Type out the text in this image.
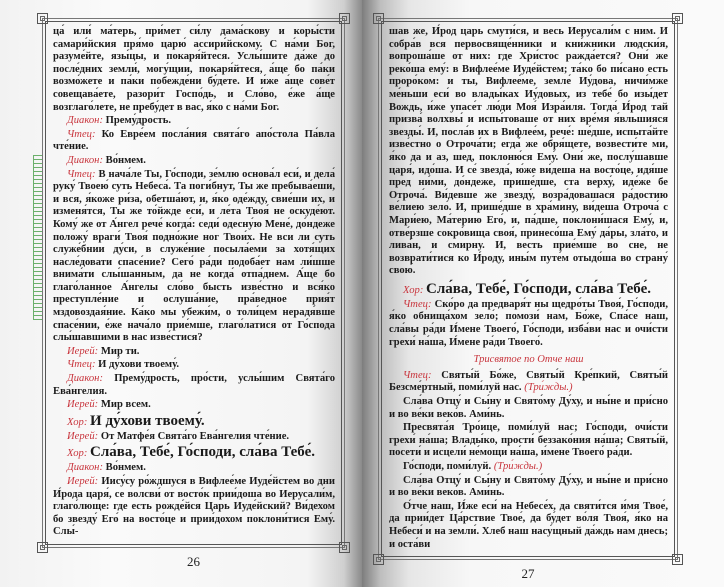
ца́ или́ ма́терь, при́мет си́лу дама́скову и коры́сти самари́йския пря́мо царю́ ассири́йскому. С на́ми Бог, разуме́йте, язы́цы, и покаря́йтеся. Услы́шите да́же до после́дних земли́, могу́щии, покаря́йтеся, а́ще бо па́ки возмо́жете и па́ки побежде́ни бу́дете. И и́же а́ще сове́т совещава́ете, разори́т Госпо́дь, и Сло́во, е́же а́ще возглаго́лете, не пребу́дет в вас, я́ко с на́ми Бог.

Диакон: Прему́дрость.

Чтец: Ко Евре́ем посла́ния свята́го апо́стола Па́вла чте́ние.

Диакон: Во́нмем.

Чтец: В нача́ле Ты, Го́споди, зе́млю основа́л еси́, и дела́ руку́ Твоею́ суть Небеса́. Та поги́бнут, Ты же пребыва́еши, и вся, я́коже ри́за, обетша́ют, и, я́ко оде́жду, свие́ши их, и изменя́тся, Ты же то́йжде еси́, и ле́та Твоя́ не оскуде́ют. Кому́ же от А́нгел рече́ когда́: седи́ одесну́ю Мене́, до́ндеже положу́ враги́ Твоя́ подно́жие ног Твои́х. Не вси ли суть служе́бнии ду́си, в служе́ние посыла́еми за хотя́щих насле́довати спасе́ние? Сего́ ра́ди подоба́ет нам ли́шше внима́ти слы́шанным, да не когда́ отпа́днем. А́ще бо глаго́ланное А́нгелы сло́во бысть изве́стно и вся́ко преступле́ние и ослуша́ние, пра́ведное прия́т мздовоздая́ние. Ка́ко мы убежи́м, о толи́цем нерадя́вше спасе́нии, е́же нача́ло прие́мше, глаго́латися от Го́спода слы́шавшими в нас изве́стися?

Иерей: Мир ти.

Чтец: И ду́хови твоему́.

Диакон: Прему́дрость, про́сти, услы́шим Свята́го Ева́нгелия.

Иерей: Мир всем.

Хор: И ду́хови твоему́.

Иерей: От Матфе́я Свята́го Ева́нгелия чте́ние.

Хор: Сла́ва, Тебе́, Го́споди, сла́ва Тебе́.

Диакон: Во́нмем.

Иерей: Иису́су ро́ждшуся в Вифлее́ме Иуде́йстем во дни И́рода царя́, се волсви́ от восто́к прии́доша во Иерусали́м, глаго́люще: где есть рожде́йся Царь Иуде́йский? Ви́дехом бо звезду́ Его́ на восто́це и прии́дохом поклони́тися Ему́. Слы́-

26

шав же, И́род царь смути́ся, и весь Иерусали́м с ним. И собра́в вся первосвяще́нники и кни́жники людски́я, вопроша́ше от них: где Хри́стос ражда́ется? Они́ же реко́ша ему́: в Вифлее́ме Иуде́йстем; та́ко бо пи́сано есть проро́ком: и ты, Вифлее́ме, земле́ Иу́дова, ничи́мже ме́ньши еси́ во влады́ках Иу́довых, из тебе́ бо изы́дет Вождь, и́же упасе́т лю́ди Моя́ Изра́иля. Тогда́ И́род тай призва́ волхвы́ и испы́товаше от них вре́мя я́вльшияся звезды́. И, посла́в их в Вифлее́м, рече́: ше́дше, испыта́йте изве́стно о Отроча́ти; егда́ же обря́щете, возвести́те ми, я́ко да и аз, шед, поклоню́ся Ему́. Они́ же, послу́шавше царя́, идо́ша. И се́ звезда́, ю́же ви́деша на восто́це, идя́ше пред ни́ми, до́ндеже, прише́дше, ста верху́, иде́же бе Отроча́. Ви́девше же звезду́, возра́довашася ра́достию ве́лиею зело́. И, прише́дше в хра́мину, ви́деша Отроча́ с Мари́ею, Ма́терию Его́, и, па́дше, поклони́шася Ему́, и, отве́рзше сокро́вища своя́, принесо́ша Ему́ да́ры, зла́то, и лива́н, и смирну. И, весть прие́мше во сне, не возврати́тися ко И́роду, ины́м путе́м отыдо́ша во страну́ свою́.

Хор: Сла́ва, Тебе́, Го́споди, сла́ва Тебе́.

Чтец: Ско́ро да предваря́т ны щедро́ты Твоя́, Го́споди, я́ко обнища́хом зело́; помози́ нам, Бо́же, Спа́се наш, сла́вы ра́ди И́мене Твоего́, Го́споди, изба́ви нас и очи́сти грехи́ на́ша, И́мене ра́ди Твоего́.

Трисвятое по Отче наш

Чтец: Святы́й Бо́же, Святы́й Кре́пкий, Святы́й Безсме́ртный, поми́луй нас. (Три́жды.)

Сла́ва Отцу́ и Сы́ну и Свято́му Ду́ху, и ны́не и при́сно и во ве́ки веко́в. Ами́нь.

Пресвята́я Тро́ице, поми́луй нас; Го́споди, очи́сти грехи́ на́ша; Влады́ко, прости́ беззако́ния на́ша; Святы́й, посети́ и исцели́ не́мощи на́ша, и́мене Твоего́ ра́ди.

Го́споди, поми́луй. (Три́жды.)

Сла́ва Отцу́ и Сы́ну и Свято́му Ду́ху, и ны́не и при́сно и во ве́ки веко́в. Ами́нь.

О́тче наш, И́же еси́ на Небесе́х, да святи́тся и́мя Твое́, да прии́дет Ца́рствие Твое́, да бу́дет во́ля Твоя́, я́ко на Небеси́ и на земли́. Хлеб наш насу́щный да́ждь нам днесь; и оста́ви

27
